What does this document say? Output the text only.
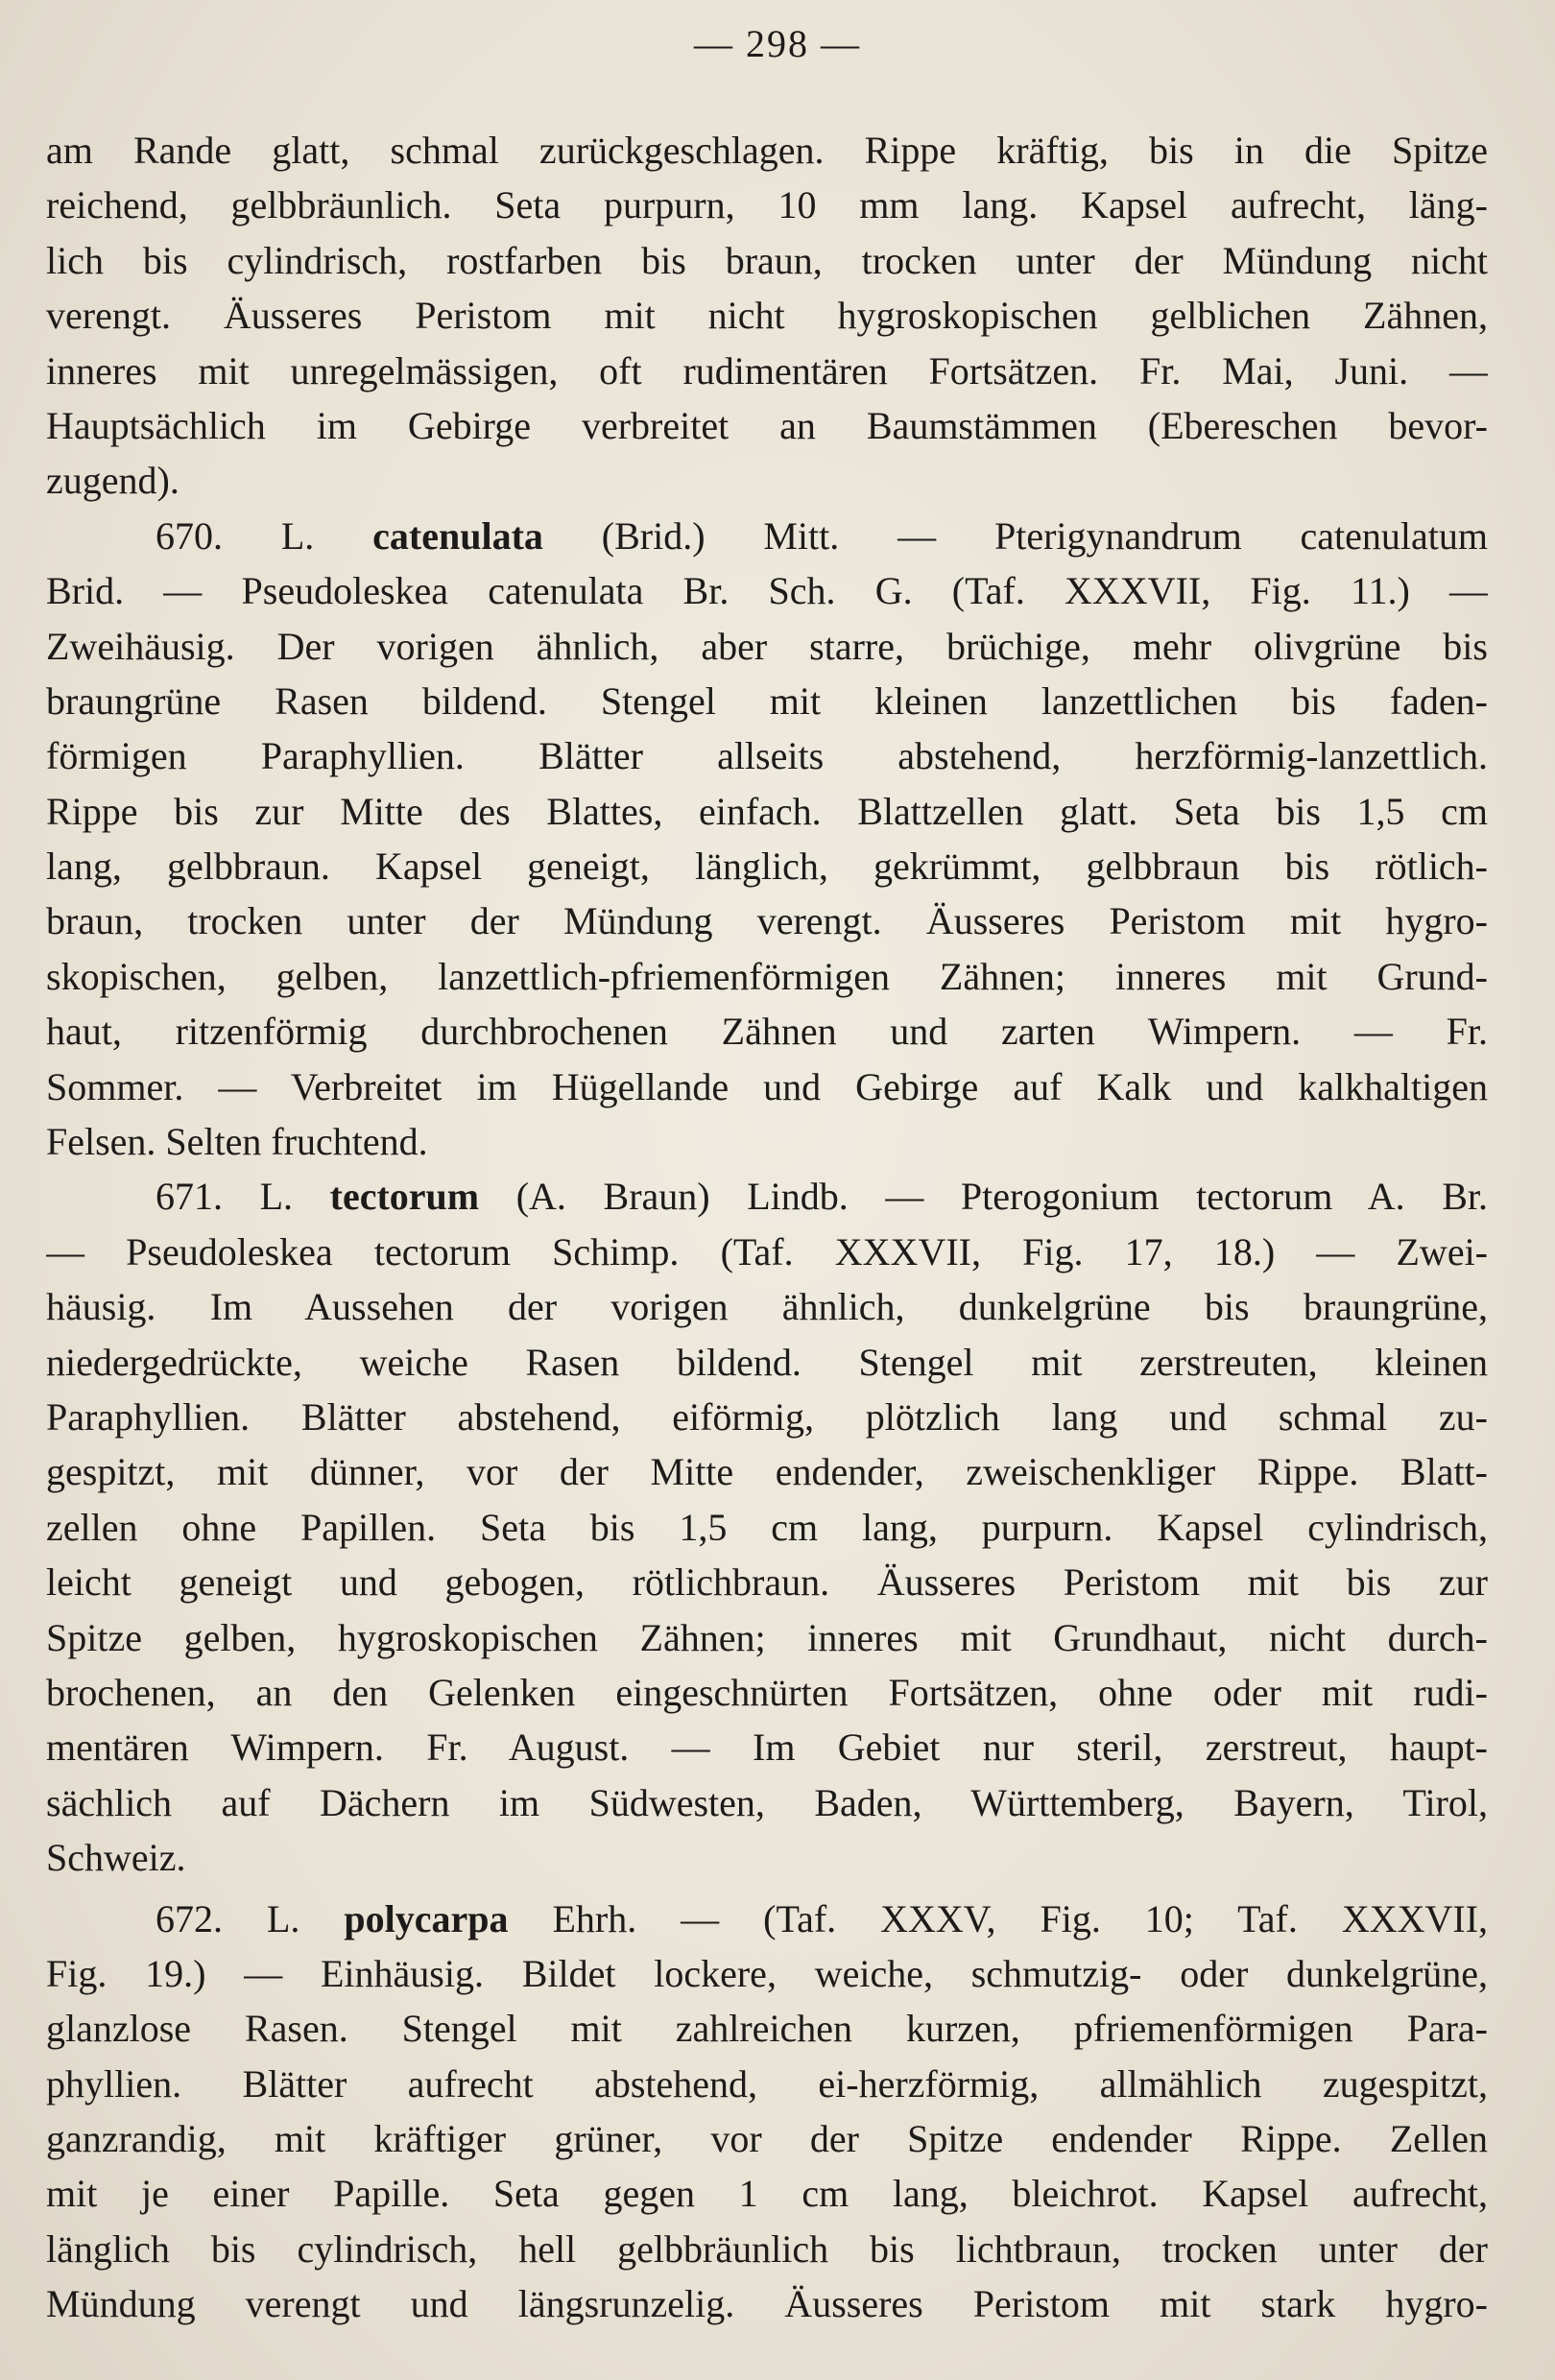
— 298 —
am Rande glatt, schmal zurückgeschlagen. Rippe kräftig, bis in die Spitze
reichend, gelbbräunlich. Seta purpurn, 10 mm lang. Kapsel aufrecht, läng-
lich bis cylindrisch, rostfarben bis braun, trocken unter der Mündung nicht
verengt. Äusseres Peristom mit nicht hygroskopischen gelblichen Zähnen,
inneres mit unregelmässigen, oft rudimentären Fortsätzen. Fr. Mai, Juni. —
Hauptsächlich im Gebirge verbreitet an Baumstämmen (Ebereschen bevor-
zugend).
670. L. catenulata (Brid.) Mitt. — Pterigynandrum catenulatum
Brid. — Pseudoleskea catenulata Br. Sch. G. (Taf. XXXVII, Fig. 11.) —
Zweihäusig. Der vorigen ähnlich, aber starre, brüchige, mehr olivgrüne bis
braungrüne Rasen bildend. Stengel mit kleinen lanzettlichen bis faden-
förmigen Paraphyllien. Blätter allseits abstehend, herzförmig-lanzettlich.
Rippe bis zur Mitte des Blattes, einfach. Blattzellen glatt. Seta bis 1,5 cm
lang, gelbbraun. Kapsel geneigt, länglich, gekrümmt, gelbbraun bis rötlich-
braun, trocken unter der Mündung verengt. Äusseres Peristom mit hygro-
skopischen, gelben, lanzettlich-pfriemenförmigen Zähnen; inneres mit Grund-
haut, ritzenförmig durchbrochenen Zähnen und zarten Wimpern. — Fr.
Sommer. — Verbreitet im Hügellande und Gebirge auf Kalk und kalkhaltigen
Felsen. Selten fruchtend.
671. L. tectorum (A. Braun) Lindb. — Pterogonium tectorum A. Br.
— Pseudoleskea tectorum Schimp. (Taf. XXXVII, Fig. 17, 18.) — Zwei-
häusig. Im Aussehen der vorigen ähnlich, dunkelgrüne bis braungrüne,
niedergedrückte, weiche Rasen bildend. Stengel mit zerstreuten, kleinen
Paraphyllien. Blätter abstehend, eiförmig, plötzlich lang und schmal zu-
gespitzt, mit dünner, vor der Mitte endender, zweischenkliger Rippe. Blatt-
zellen ohne Papillen. Seta bis 1,5 cm lang, purpurn. Kapsel cylindrisch,
leicht geneigt und gebogen, rötlichbraun. Äusseres Peristom mit bis zur
Spitze gelben, hygroskopischen Zähnen; inneres mit Grundhaut, nicht durch-
brochenen, an den Gelenken eingeschnürten Fortsätzen, ohne oder mit rudi-
mentären Wimpern. Fr. August. — Im Gebiet nur steril, zerstreut, haupt-
sächlich auf Dächern im Südwesten, Baden, Württemberg, Bayern, Tirol,
Schweiz.
672. L. polycarpa Ehrh. — (Taf. XXXV, Fig. 10; Taf. XXXVII,
Fig. 19.) — Einhäusig. Bildet lockere, weiche, schmutzig- oder dunkelgrüne,
glanzlose Rasen. Stengel mit zahlreichen kurzen, pfriemenförmigen Para-
phyllien. Blätter aufrecht abstehend, ei-herzförmig, allmählich zugespitzt,
ganzrandig, mit kräftiger grüner, vor der Spitze endender Rippe. Zellen
mit je einer Papille. Seta gegen 1 cm lang, bleichrot. Kapsel aufrecht,
länglich bis cylindrisch, hell gelbbräunlich bis lichtbraun, trocken unter der
Mündung verengt und längsrunzelig. Äusseres Peristom mit stark hygro-
